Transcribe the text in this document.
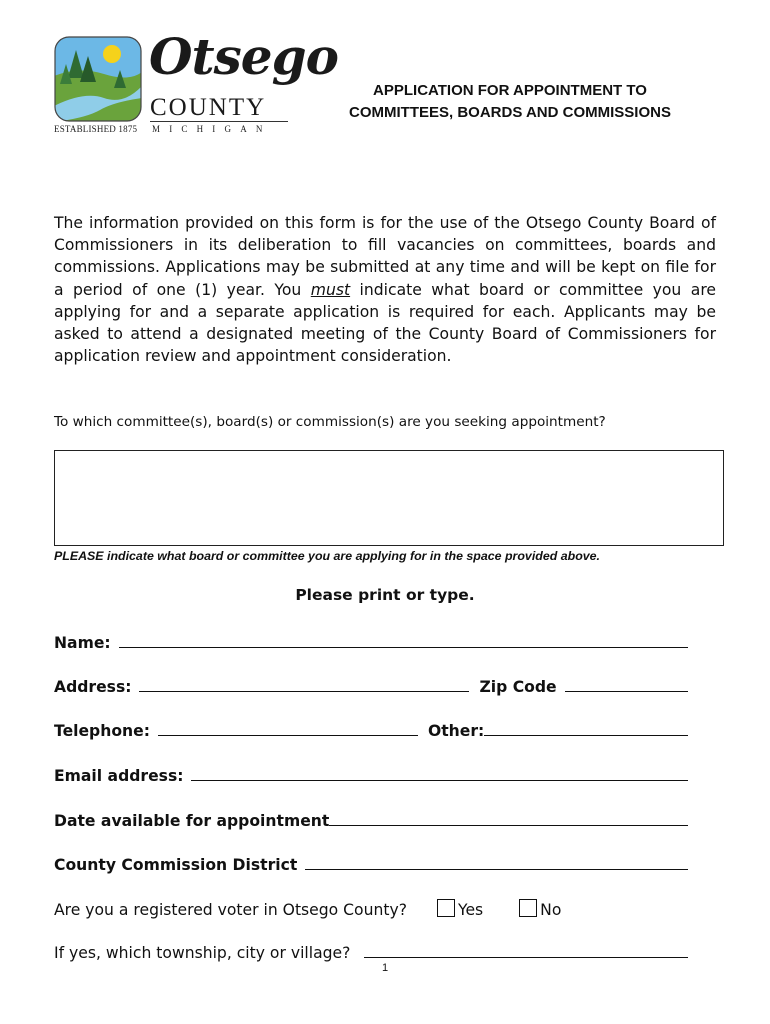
ESTABLISHED 1875
Otsego
COUNTY
MICHIGAN
APPLICATION FOR APPOINTMENT TO
COMMITTEES, BOARDS AND COMMISSIONS
The information provided on this form is for the use of the Otsego County Board of Commissioners in its deliberation to fill vacancies on committees, boards and commissions. Applications may be submitted at any time and will be kept on file for a period of one (1) year. You must indicate what board or committee you are applying for and a separate application is required for each. Applicants may be asked to attend a designated meeting of the County Board of Commissioners for application review and appointment consideration.
To which committee(s), board(s) or commission(s) are you seeking appointment?
PLEASE indicate what board or committee you are applying for in the space provided above.
Please print or type.
Name:
Address:	Zip Code
Telephone:	Other:
Email address:
Date available for appointment
County Commission District
Are you a registered voter in Otsego County?	Yes	No
If yes, which township, city or village?
1
